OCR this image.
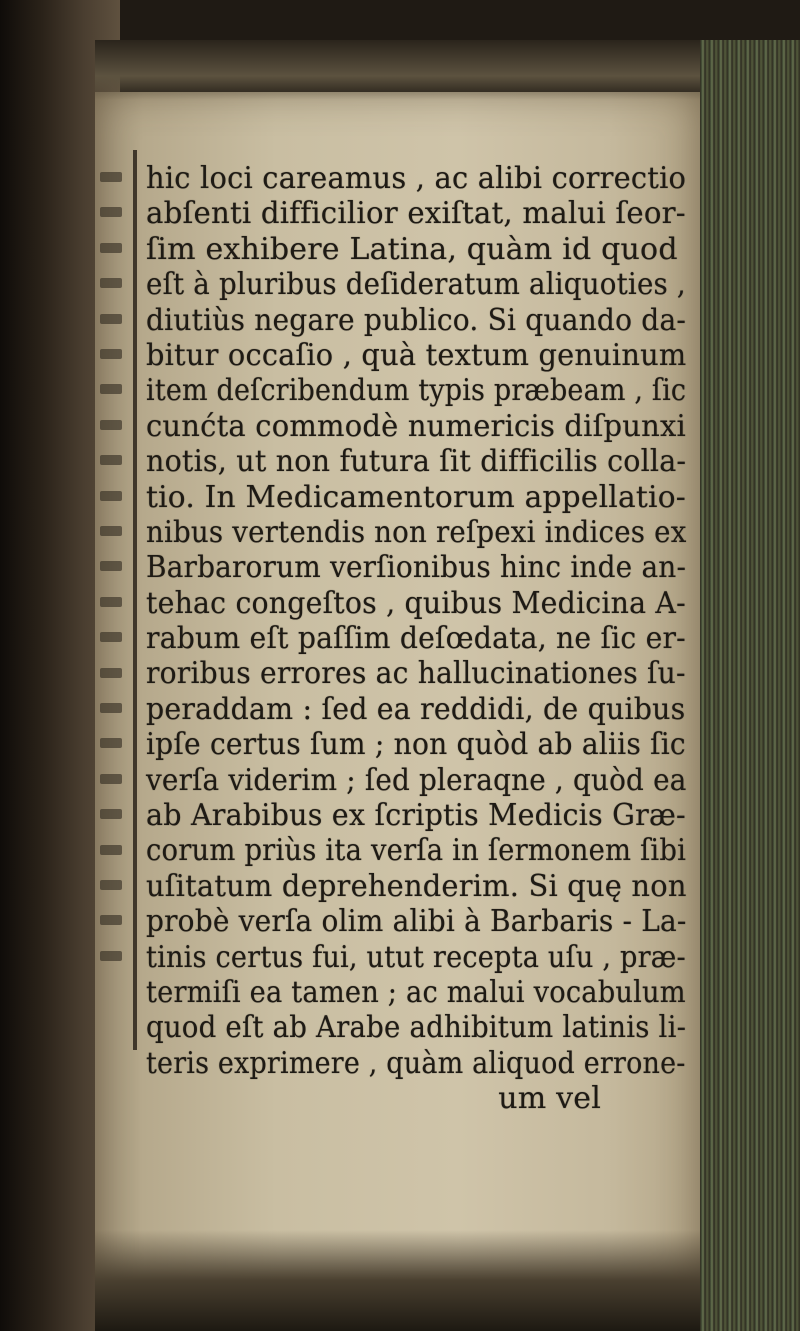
hic loci careamus , ac alibi correctio
abſenti difficilior exiſtat, malui ſeor-
ſim exhibere Latina, quàm id quod
eſt à pluribus deſideratum aliquoties ,
diutiùs negare publico. Si quando da-
bitur occaſio , quà textum genuinum
item deſcribendum typis præbeam , ſic
cunćta commodè numericis diſpunxi
notis, ut non futura ſit difficilis colla-
tio. In Medicamentorum appellatio-
nibus vertendis non reſpexi indices ex
Barbarorum verſionibus hinc inde an-
tehac congeſtos , quibus Medicina A-
rabum eſt paſſim deſœdata, ne ſic er-
roribus errores ac hallucinationes ſu-
peraddam : ſed ea reddidi, de quibus
ipſe certus ſum ; non quòd ab aliis ſic
verſa viderim ; ſed pleraqne , quòd ea
ab Arabibus ex ſcriptis Medicis Græ-
corum priùs ita verſa in ſermonem ſibi
uſitatum deprehenderim. Si quę non
probè verſa olim alibi à Barbaris - La-
tinis certus fui, utut recepta uſu , præ-
termiſi ea tamen ; ac malui vocabulum
quod eſt ab Arabe adhibitum latinis li-
teris exprimere , quàm aliquod errone-
um vel
